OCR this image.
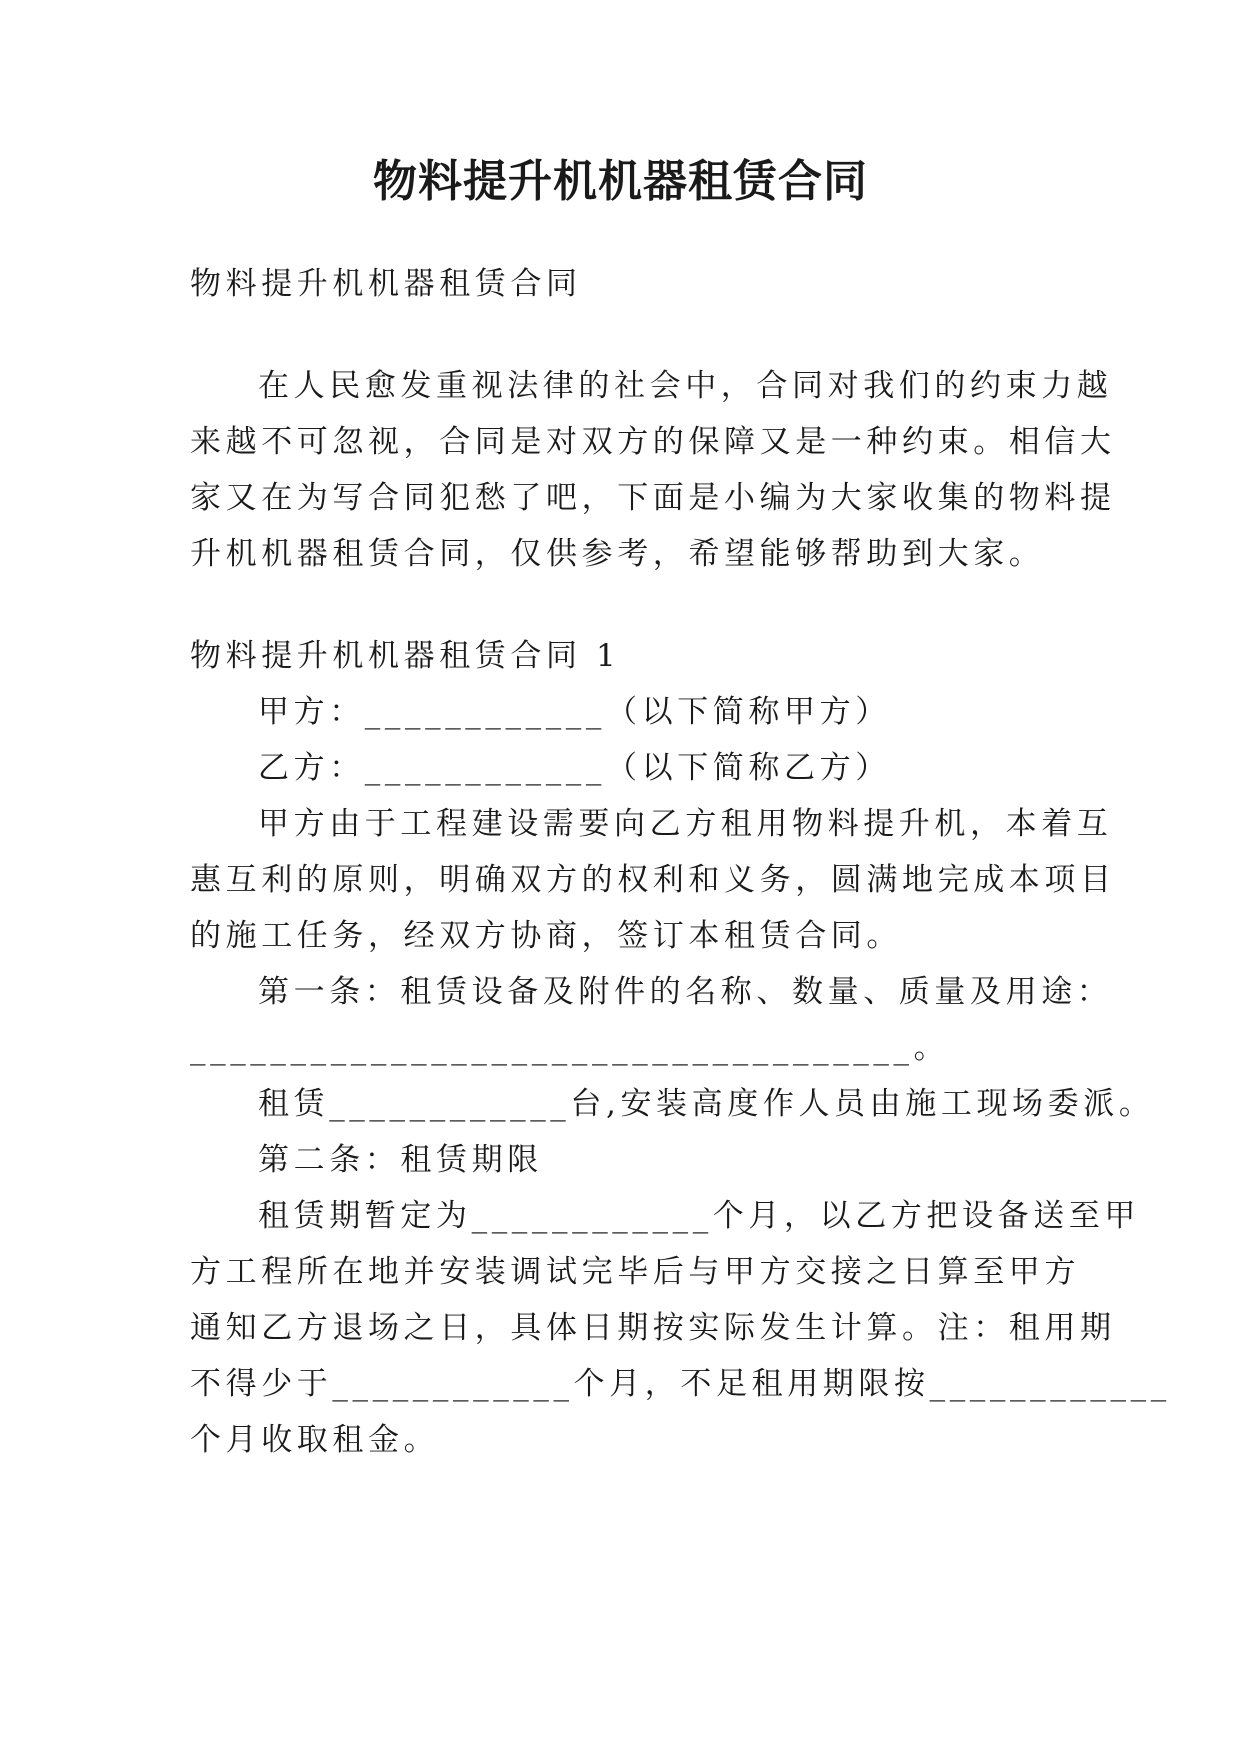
物料提升机机器租赁合同
物料提升机机器租赁合同
在人民愈发重视法律的社会中，合同对我们的约束力越
来越不可忽视，合同是对双方的保障又是一种约束。相信大
家又在为写合同犯愁了吧，下面是小编为大家收集的物料提
升机机器租赁合同，仅供参考，希望能够帮助到大家。
物料提升机机器租赁合同 1
甲方：____________（以下简称甲方）
乙方：____________（以下简称乙方）
甲方由于工程建设需要向乙方租用物料提升机，本着互
惠互利的原则，明确双方的权利和义务，圆满地完成本项目
的施工任务，经双方协商，签订本租赁合同。
第一条：租赁设备及附件的名称、数量、质量及用途：
____________________________________。
租赁____________台,安装高度作人员由施工现场委派。
第二条：租赁期限
租赁期暂定为____________个月，以乙方把设备送至甲
方工程所在地并安装调试完毕后与甲方交接之日算至甲方
通知乙方退场之日，具体日期按实际发生计算。注：租用期
不得少于____________个月，不足租用期限按____________
个月收取租金。
